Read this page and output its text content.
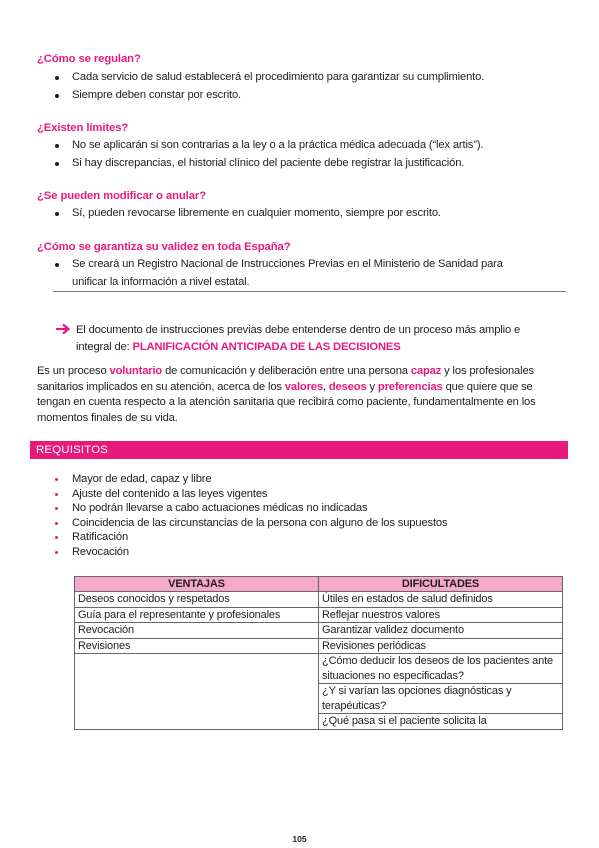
¿Cómo se regulan?
Cada servicio de salud establecerá el procedimiento para garantizar su cumplimiento.
Siempre deben constar por escrito.
¿Existen límites?
No se aplicarán si son contrarias a la ley o a la práctica médica adecuada (“lex artis”).
Si hay discrepancias, el historial clínico del paciente debe registrar la justificación.
¿Se pueden modificar o anular?
Sí, pueden revocarse libremente en cualquier momento, siempre por escrito.
¿Cómo se garantiza su validez en toda España?
Se creará un Registro Nacional de Instrucciones Previas en el Ministerio de Sanidad para
unificar la información a nivel estatal.
El documento de instrucciones previas debe entenderse dentro de un proceso más amplio e
integral de: PLANIFICACIÓN ANTICIPADA DE LAS DECISIONES
Es un proceso voluntario de comunicación y deliberación entre una persona capaz y los profesionales sanitarios implicados en su atención, acerca de los valores, deseos y preferencias que quiere que se tengan en cuenta respecto a la atención sanitaria que recibirá como paciente, fundamentalmente en los momentos finales de su vida.
REQUISITOS
Mayor de edad, capaz y libre
Ajuste del contenido a las leyes vigentes
No podrán llevarse a cabo actuaciones médicas no indicadas
Coincidencia de las circunstancias de la persona con alguno de los supuestos
Ratificación
Revocación
VENTAJAS	DIFICULTADES
Deseos conocidos y respetados	Útiles en estados de salud definidos
Guía para el representante y profesionales	Reflejar nuestros valores
Revocación	Garantizar validez documento
Revisiones	Revisiones periódicas
	¿Cómo deducir los deseos de los pacientes ante situaciones no especificadas?
	¿Y si varían las opciones diagnósticas y terapéuticas?
	¿Qué pasa si el paciente solicita la
105
